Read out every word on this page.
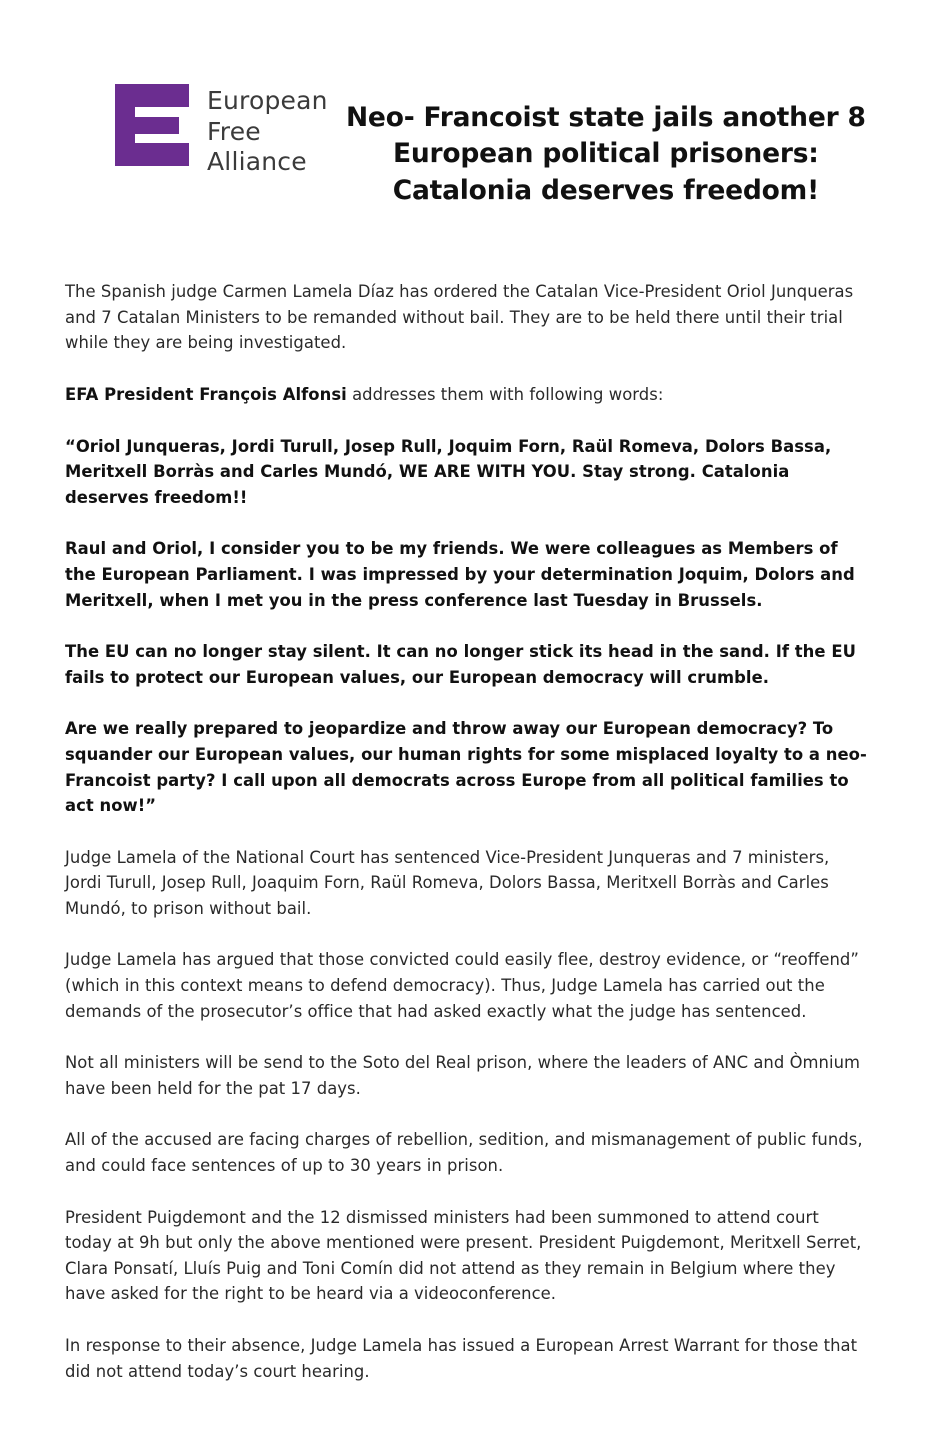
European
Free
Alliance
Neo- Francoist state jails another 8 European political prisoners: Catalonia deserves freedom!

The Spanish judge Carmen Lamela Díaz has ordered the Catalan Vice-President Oriol Junqueras and 7 Catalan Ministers to be remanded without bail. They are to be held there until their trial while they are being investigated.

EFA President François Alfonsi addresses them with following words:

“Oriol Junqueras, Jordi Turull, Josep Rull, Joquim Forn, Raül Romeva, Dolors Bassa, Meritxell Borràs and Carles Mundó, WE ARE WITH YOU. Stay strong. Catalonia deserves freedom!!

Raul and Oriol, I consider you to be my friends. We were colleagues as Members of the European Parliament. I was impressed by your determination Joquim, Dolors and Meritxell, when I met you in the press conference last Tuesday in Brussels.

The EU can no longer stay silent. It can no longer stick its head in the sand. If the EU fails to protect our European values, our European democracy will crumble.

Are we really prepared to jeopardize and throw away our European democracy? To squander our European values, our human rights for some misplaced loyalty to a neo-Francoist party? I call upon all democrats across Europe from all political families to act now!”

Judge Lamela of the National Court has sentenced Vice-President Junqueras and 7 ministers, Jordi Turull, Josep Rull, Joaquim Forn, Raül Romeva, Dolors Bassa, Meritxell Borràs and Carles Mundó, to prison without bail.

Judge Lamela has argued that those convicted could easily flee, destroy evidence, or “reoffend” (which in this context means to defend democracy). Thus, Judge Lamela has carried out the demands of the prosecutor’s office that had asked exactly what the judge has sentenced.

Not all ministers will be send to the Soto del Real prison, where the leaders of ANC and Òmnium have been held for the pat 17 days.

All of the accused are facing charges of rebellion, sedition, and mismanagement of public funds, and could face sentences of up to 30 years in prison.

President Puigdemont and the 12 dismissed ministers had been summoned to attend court today at 9h but only the above mentioned were present. President Puigdemont, Meritxell Serret, Clara Ponsatí, Lluís Puig and Toni Comín did not attend as they remain in Belgium where they have asked for the right to be heard via a videoconference.

In response to their absence, Judge Lamela has issued a European Arrest Warrant for those that did not attend today’s court hearing.
